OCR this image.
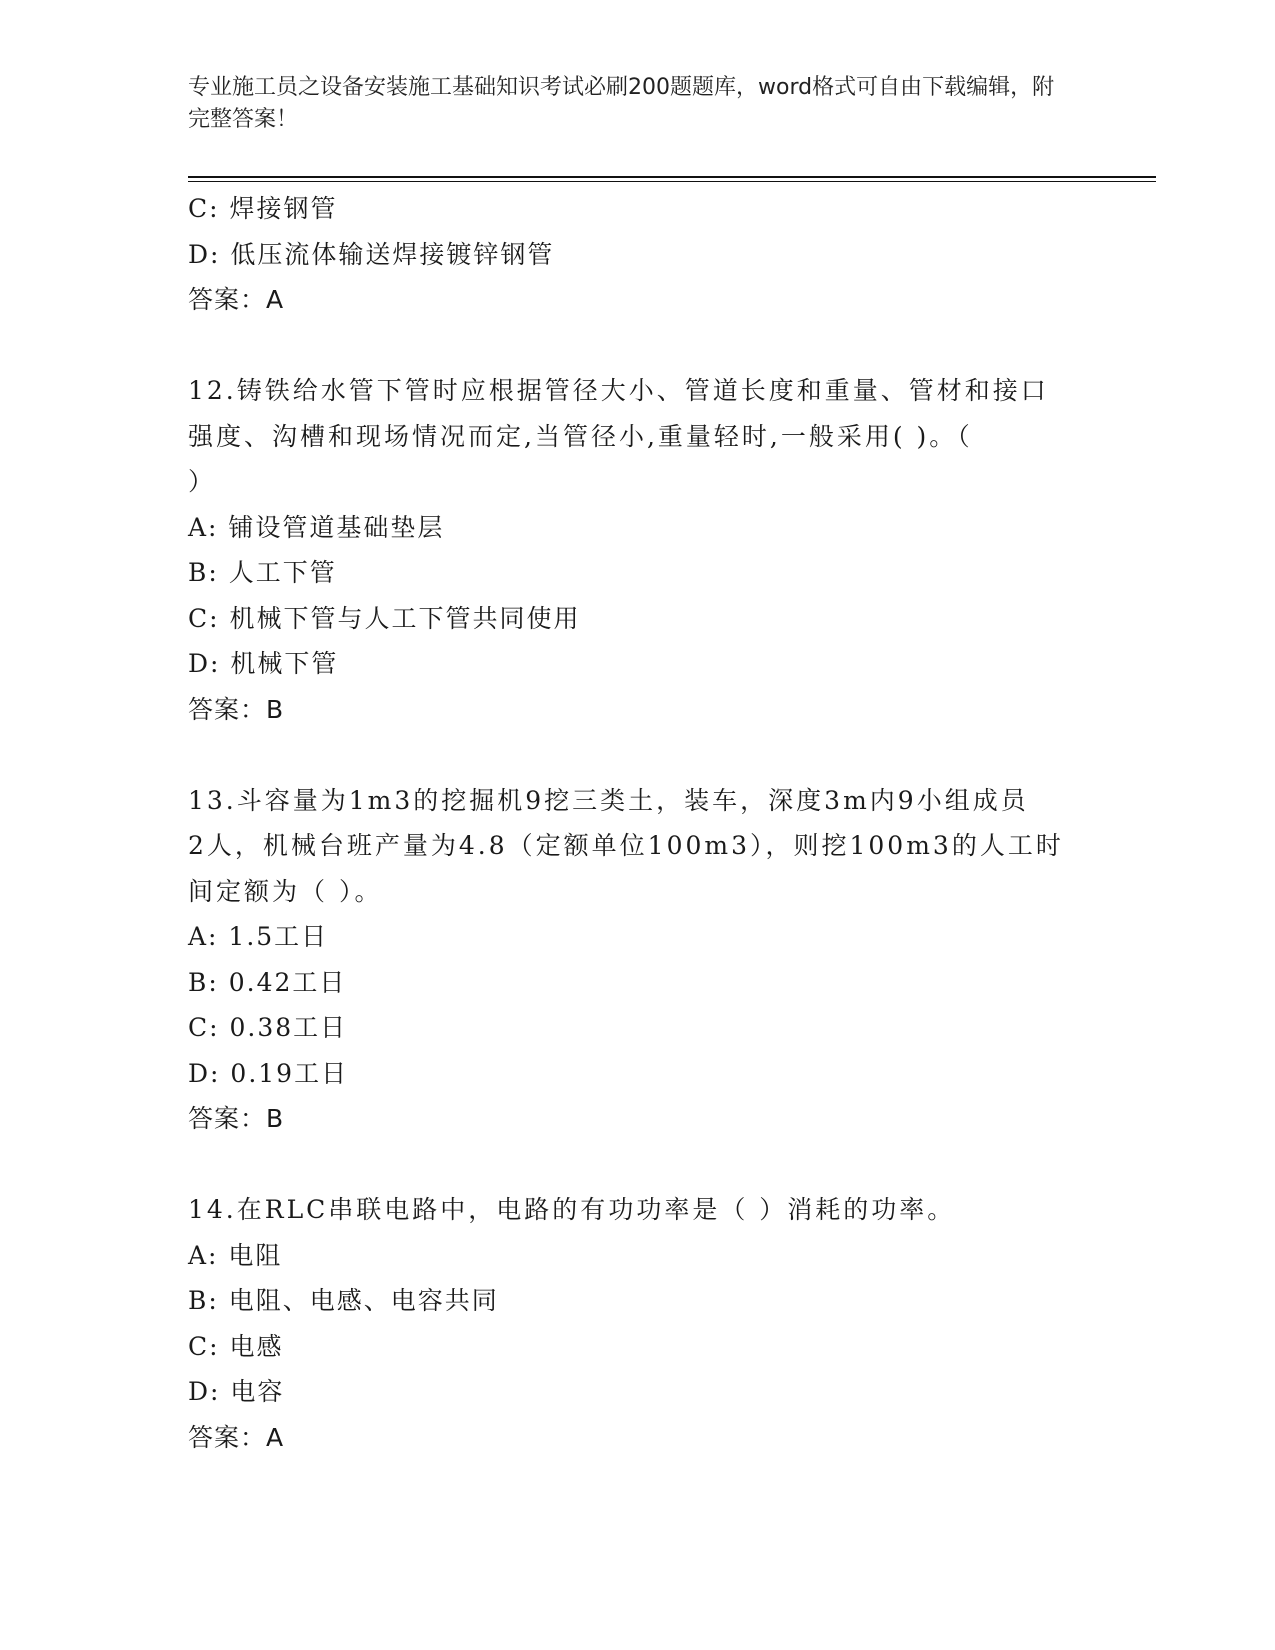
专业施工员之设备安装施工基础知识考试必刷200题题库，word格式可自由下载编辑，附完整答案！
C: 焊接钢管
D: 低压流体输送焊接镀锌钢管
答案：A
12.铸铁给水管下管时应根据管径大小、管道长度和重量、管材和接口
强度、沟槽和现场情况而定,当管径小,重量轻时,一般采用( )。（
）
A: 铺设管道基础垫层
B: 人工下管
C: 机械下管与人工下管共同使用
D: 机械下管
答案：B
13.斗容量为1m3的挖掘机9挖三类土，装车，深度3m内9小组成员
2人，机械台班产量为4.8（定额单位100m3），则挖100m3的人工时
间定额为（ ）。
A: 1.5工日
B: 0.42工日
C: 0.38工日
D: 0.19工日
答案：B
14.在RLC串联电路中，电路的有功功率是（ ）消耗的功率。
A: 电阻
B: 电阻、电感、电容共同
C: 电感
D: 电容
答案：A
